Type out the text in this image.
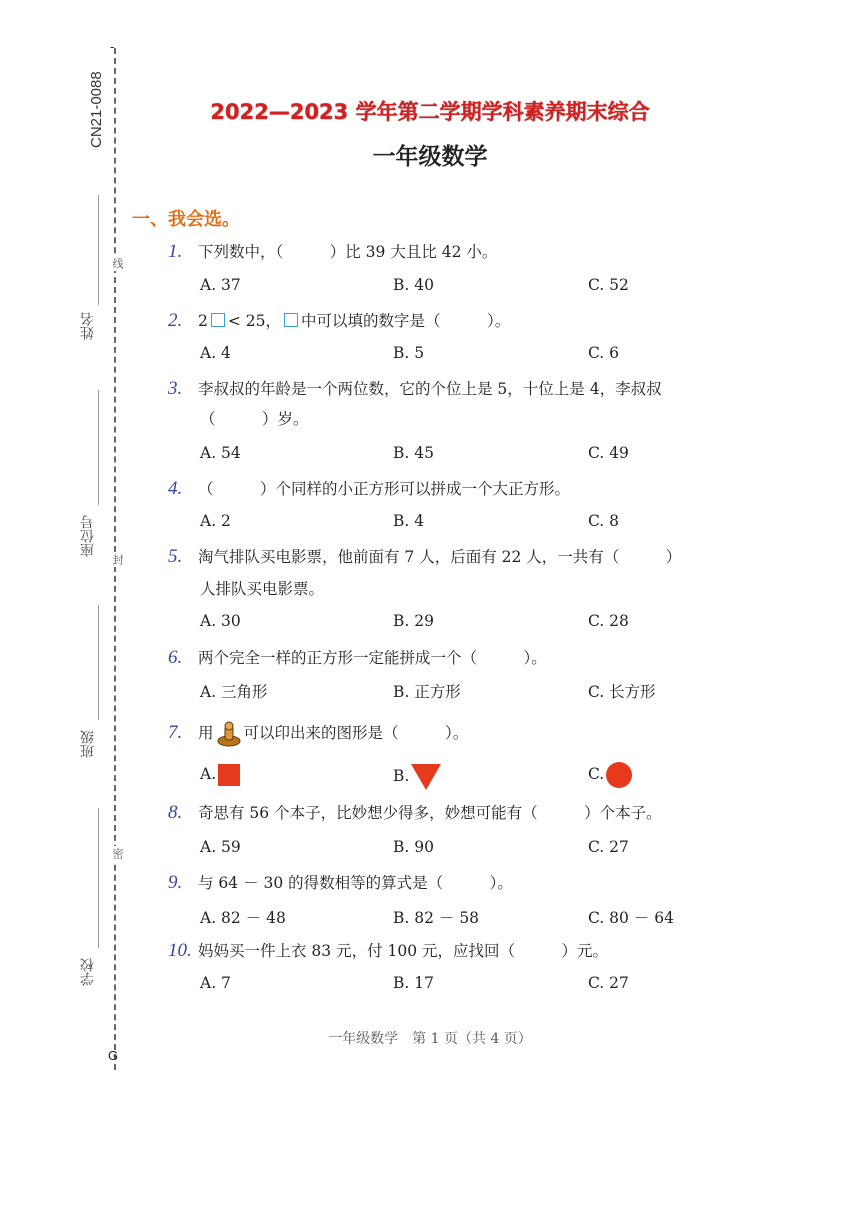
CN21-0088
-
G
线
封
密
姓名
座位号
班级
学校
2022—2023 学年第二学期学科素养期末综合
一年级数学
一、我会选。
1. 下列数中，（　　　）比 39 大且比 42 小。
A. 37	B. 40	C. 52
2. 2 < 25， 中可以填的数字是（　　　）。
A. 4	B. 5	C. 6
3. 李叔叔的年龄是一个两位数，它的个位上是 5，十位上是 4，李叔叔
（　　　）岁。
A. 54	B. 45	C. 49
4. （　　　）个同样的小正方形可以拼成一个大正方形。
A. 2	B. 4	C. 8
5. 淘气排队买电影票，他前面有 7 人，后面有 22 人，一共有（　　　）
人排队买电影票。
A. 30	B. 29	C. 28
6. 两个完全一样的正方形一定能拼成一个（　　　）。
A. 三角形	B. 正方形	C. 长方形
7. 用 可以印出来的图形是（　　　）。
A.	B.	C.
8. 奇思有 56 个本子，比妙想少得多，妙想可能有（　　　）个本子。
A. 59	B. 90	C. 27
9. 与 64 － 30 的得数相等的算式是（　　　）。
A. 82 － 48	B. 82 － 58	C. 80 － 64
10. 妈妈买一件上衣 83 元，付 100 元，应找回（　　　）元。
A. 7	B. 17	C. 27
一年级数学　第 1 页（共 4 页）
